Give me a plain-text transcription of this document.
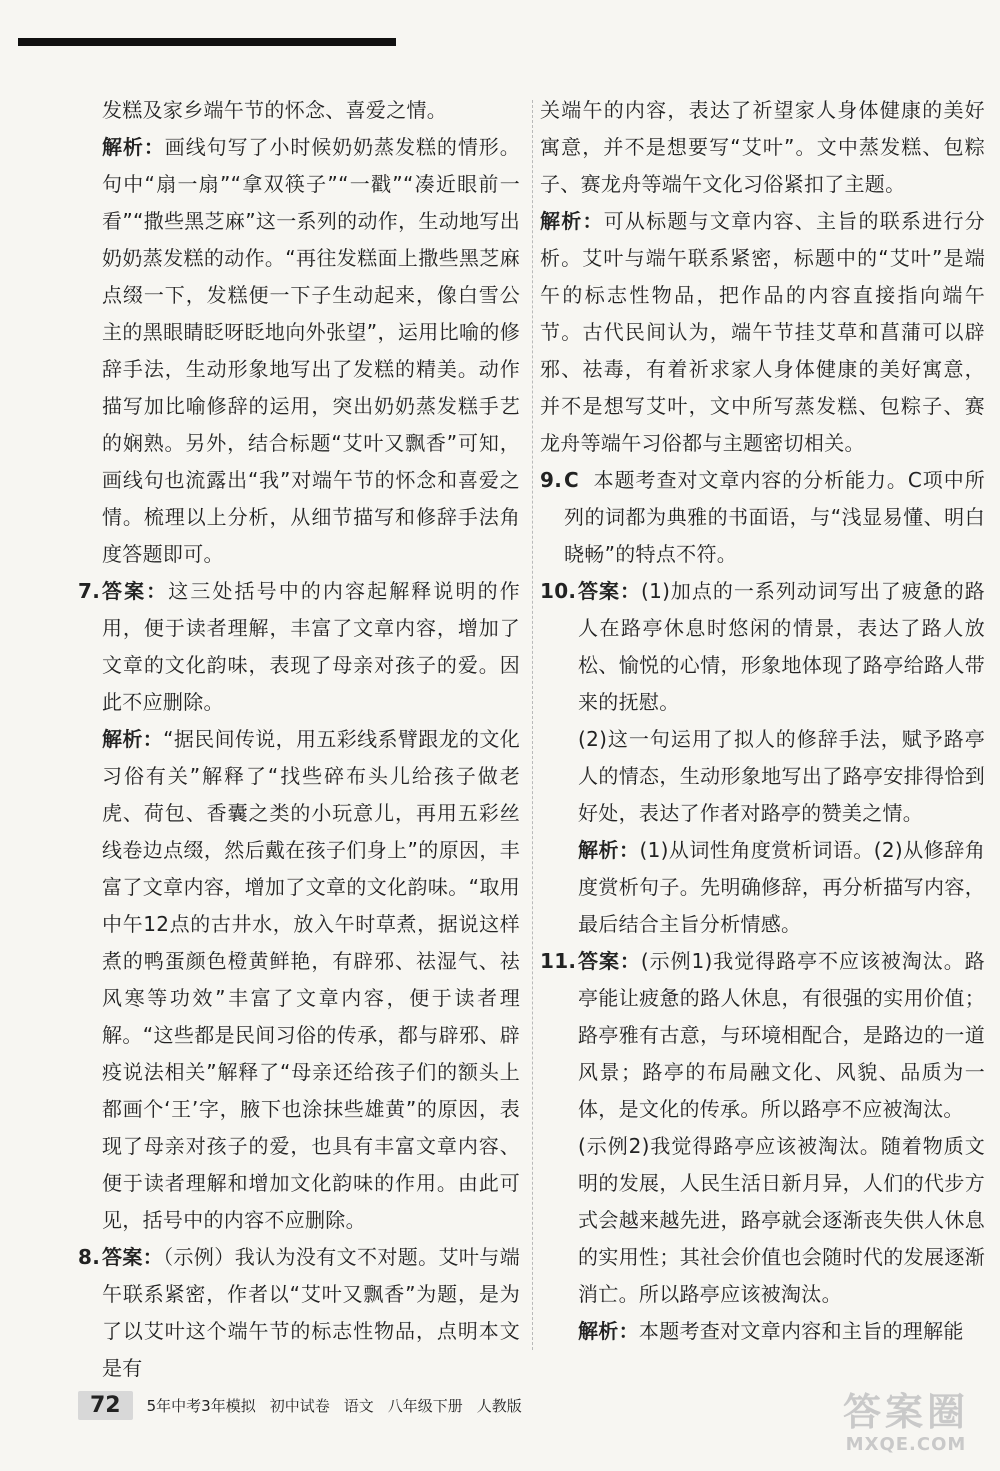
发糕及家乡端午节的怀念、喜爱之情。

解析：画线句写了小时候奶奶蒸发糕的情形。句中“扇一扇”“拿双筷子”“一戳”“凑近眼前一看”“撒些黑芝麻”这一系列的动作，生动地写出奶奶蒸发糕的动作。“再往发糕面上撒些黑芝麻点缀一下，发糕便一下子生动起来，像白雪公主的黑眼睛眨呀眨地向外张望”，运用比喻的修辞手法，生动形象地写出了发糕的精美。动作描写加比喻修辞的运用，突出奶奶蒸发糕手艺的娴熟。另外，结合标题“艾叶又飘香”可知，画线句也流露出“我”对端午节的怀念和喜爱之情。梳理以上分析，从细节描写和修辞手法角度答题即可。

7. 答案：这三处括号中的内容起解释说明的作用，便于读者理解，丰富了文章内容，增加了文章的文化韵味，表现了母亲对孩子的爱。因此不应删除。

解析：“据民间传说，用五彩线系臂跟龙的文化习俗有关”解释了“找些碎布头儿给孩子做老虎、荷包、香囊之类的小玩意儿，再用五彩丝线卷边点缀，然后戴在孩子们身上”的原因，丰富了文章内容，增加了文章的文化韵味。“取用中午12点的古井水，放入午时草煮，据说这样煮的鸭蛋颜色橙黄鲜艳，有辟邪、祛湿气、祛风寒等功效”丰富了文章内容，便于读者理解。“这些都是民间习俗的传承，都与辟邪、辟疫说法相关”解释了“母亲还给孩子们的额头上都画个‘王’字，腋下也涂抹些雄黄”的原因，表现了母亲对孩子的爱，也具有丰富文章内容、便于读者理解和增加文化韵味的作用。由此可见，括号中的内容不应删除。

8. 答案：（示例）我认为没有文不对题。艾叶与端午联系紧密，作者以“艾叶又飘香”为题，是为了以艾叶这个端午节的标志性物品，点明本文是有

关端午的内容，表达了祈望家人身体健康的美好寓意，并不是想要写“艾叶”。文中蒸发糕、包粽子、赛龙舟等端午文化习俗紧扣了主题。

解析：可从标题与文章内容、主旨的联系进行分析。艾叶与端午联系紧密，标题中的“艾叶”是端午的标志性物品，把作品的内容直接指向端午节。古代民间认为，端午节挂艾草和菖蒲可以辟邪、祛毒，有着祈求家人身体健康的美好寓意，并不是想写艾叶，文中所写蒸发糕、包粽子、赛龙舟等端午习俗都与主题密切相关。

9. C 本题考查对文章内容的分析能力。C项中所列的词都为典雅的书面语，与“浅显易懂、明白晓畅”的特点不符。

10. 答案：(1)加点的一系列动词写出了疲惫的路人在路亭休息时悠闲的情景，表达了路人放松、愉悦的心情，形象地体现了路亭给路人带来的抚慰。

(2)这一句运用了拟人的修辞手法，赋予路亭人的情态，生动形象地写出了路亭安排得恰到好处，表达了作者对路亭的赞美之情。

解析：(1)从词性角度赏析词语。(2)从修辞角度赏析句子。先明确修辞，再分析描写内容，最后结合主旨分析情感。

11. 答案：(示例1)我觉得路亭不应该被淘汰。路亭能让疲惫的路人休息，有很强的实用价值；路亭雅有古意，与环境相配合，是路边的一道风景；路亭的布局融文化、风貌、品质为一体，是文化的传承。所以路亭不应被淘汰。

(示例2)我觉得路亭应该被淘汰。随着物质文明的发展，人民生活日新月异，人们的代步方式会越来越先进，路亭就会逐渐丧失供人休息的实用性；其社会价值也会随时代的发展逐渐消亡。所以路亭应该被淘汰。

解析：本题考查对文章内容和主旨的理解能

72	5年中考3年模拟 初中试卷 语文 八年级下册 人教版	答案圈
MXQE.COM
